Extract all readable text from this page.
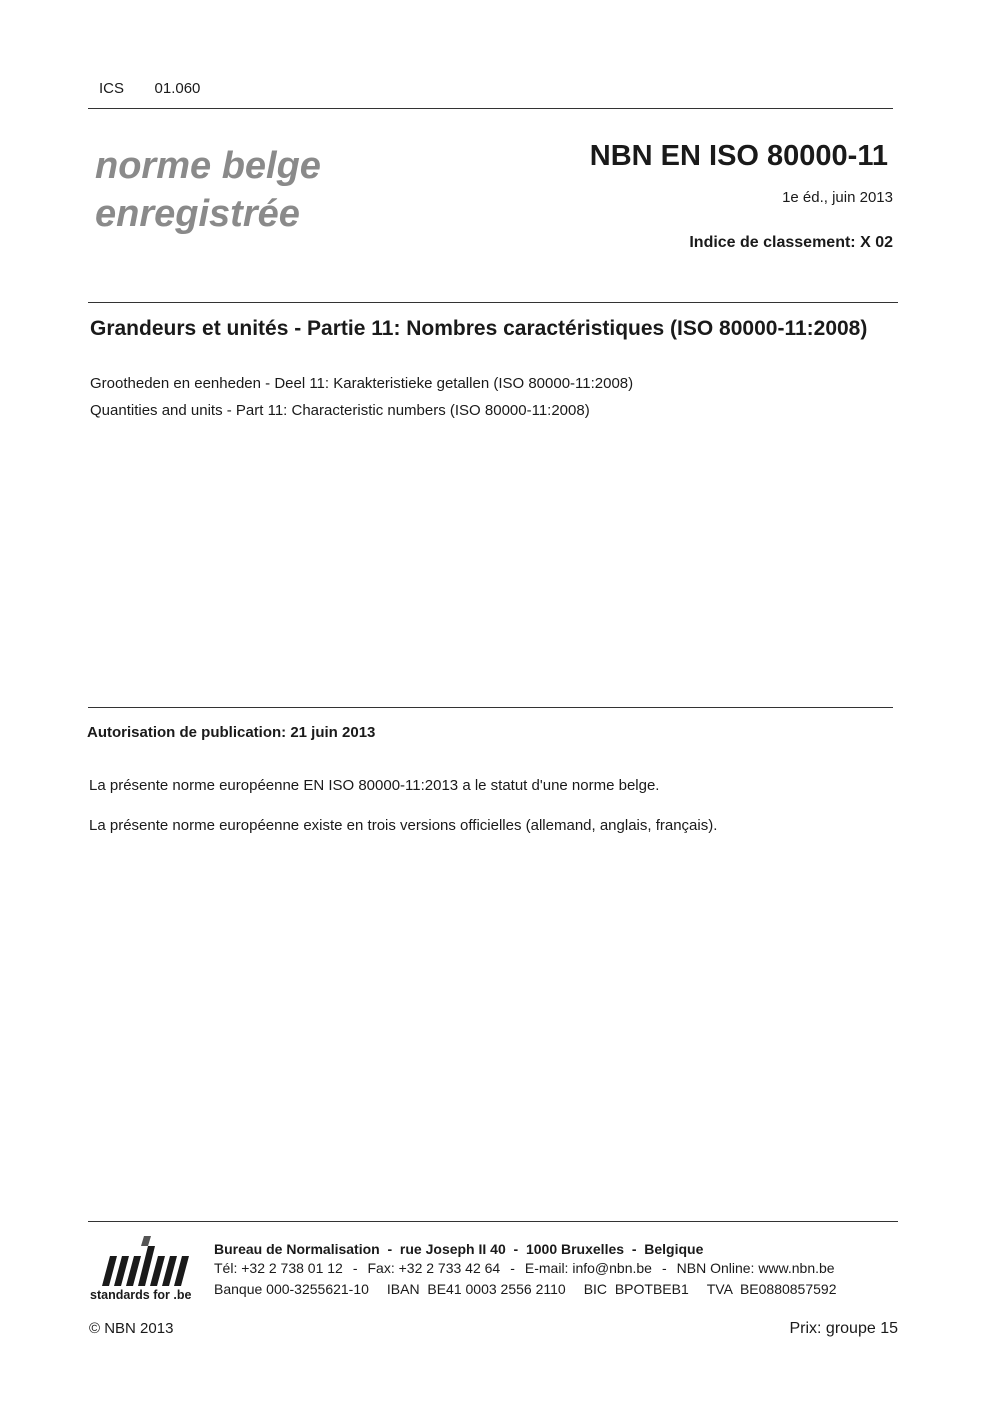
ICS   01.060
norme belge
enregistrée
NBN EN ISO 80000-11
1e éd., juin 2013
Indice de classement: X 02
Grandeurs et unités - Partie 11: Nombres caractéristiques (ISO 80000-11:2008)
Grootheden en eenheden - Deel 11: Karakteristieke getallen (ISO 80000-11:2008)
Quantities and units - Part 11: Characteristic numbers (ISO 80000-11:2008)
Autorisation de publication: 21 juin 2013
La présente norme européenne EN ISO 80000-11:2013 a le statut d'une norme belge.
La présente norme européenne existe en trois versions officielles (allemand, anglais, français).
standards for .be
Bureau de Normalisation  -  rue Joseph II 40  -  1000 Bruxelles  -  Belgique
Tél: +32 2 738 01 12 - Fax: +32 2 733 42 64 - E-mail: info@nbn.be - NBN Online: www.nbn.be
Banque 000-3255621-10 IBAN  BE41 0003 2556 2110 BIC  BPOTBEB1 TVA  BE0880857592
© NBN 2013	Prix: groupe 15
